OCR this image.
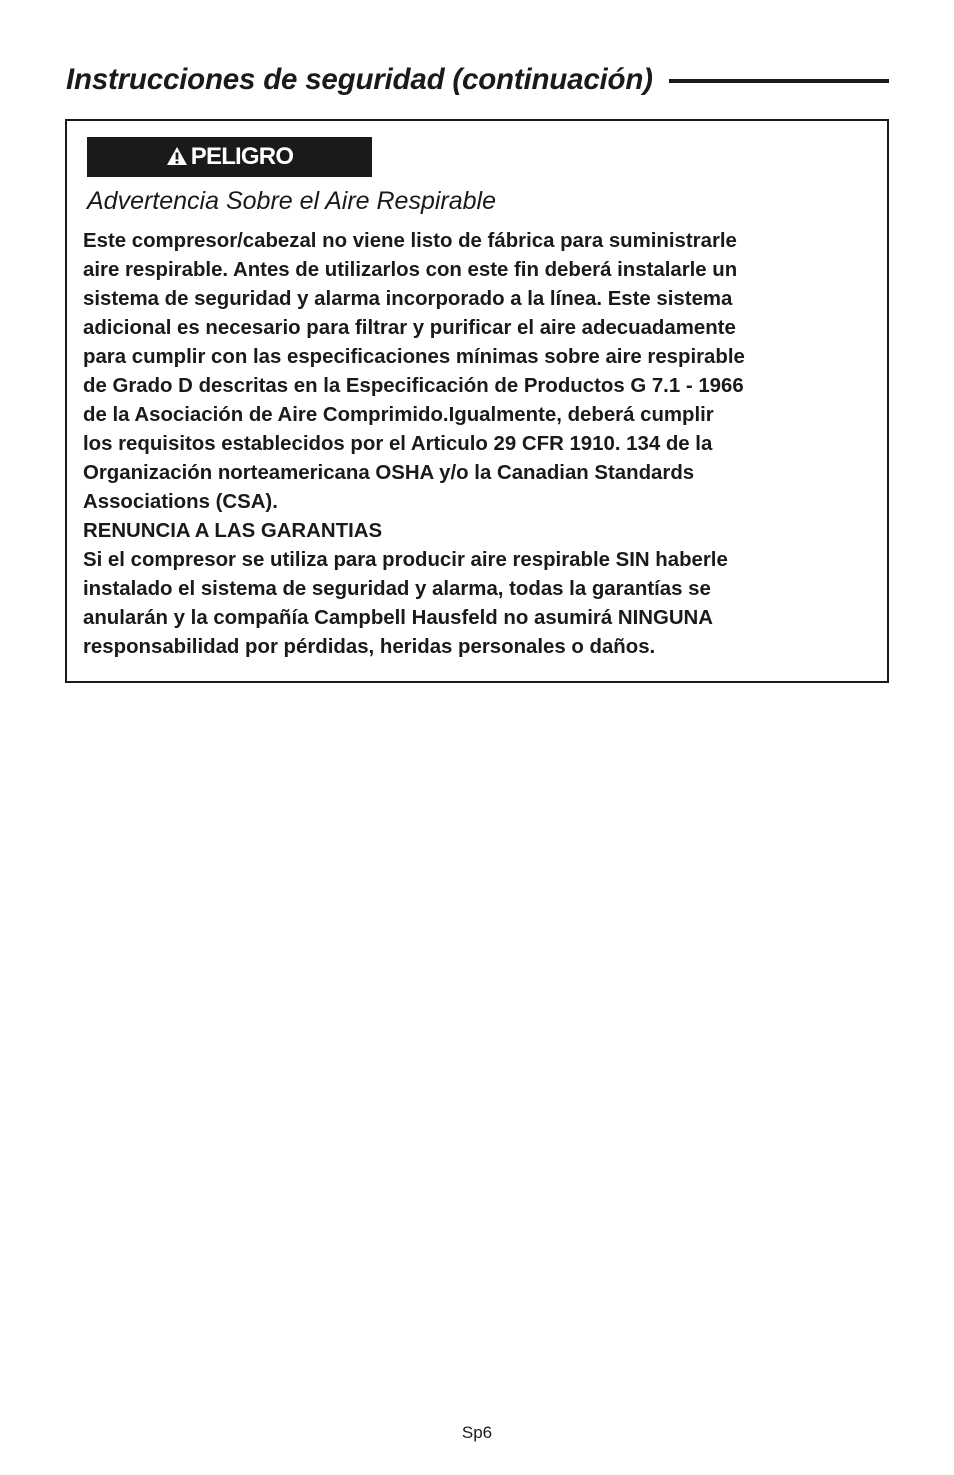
Instrucciones de seguridad (continuación)
PELIGRO
Advertencia Sobre el Aire Respirable
Este compresor/cabezal no viene listo de fábrica para suministrarle
aire respirable. Antes de utilizarlos con este fin deberá instalarle un
sistema de seguridad y alarma incorporado a la línea. Este sistema
adicional es necesario para filtrar y purificar el aire adecuadamente
para cumplir con las especificaciones mínimas sobre aire respirable
de Grado D descritas en la Especificación de Productos G 7.1 - 1966
de la Asociación de Aire Comprimido.Igualmente, deberá cumplir
los requisitos establecidos por el Articulo 29 CFR 1910. 134 de la
Organización norteamericana OSHA y/o la Canadian Standards
Associations (CSA).
RENUNCIA A LAS GARANTIAS
Si el compresor se utiliza para producir aire respirable SIN haberle
instalado el sistema de seguridad y alarma, todas la garantías se
anularán y la compañía Campbell Hausfeld no asumirá NINGUNA
responsabilidad por pérdidas, heridas personales o daños.
Sp6
